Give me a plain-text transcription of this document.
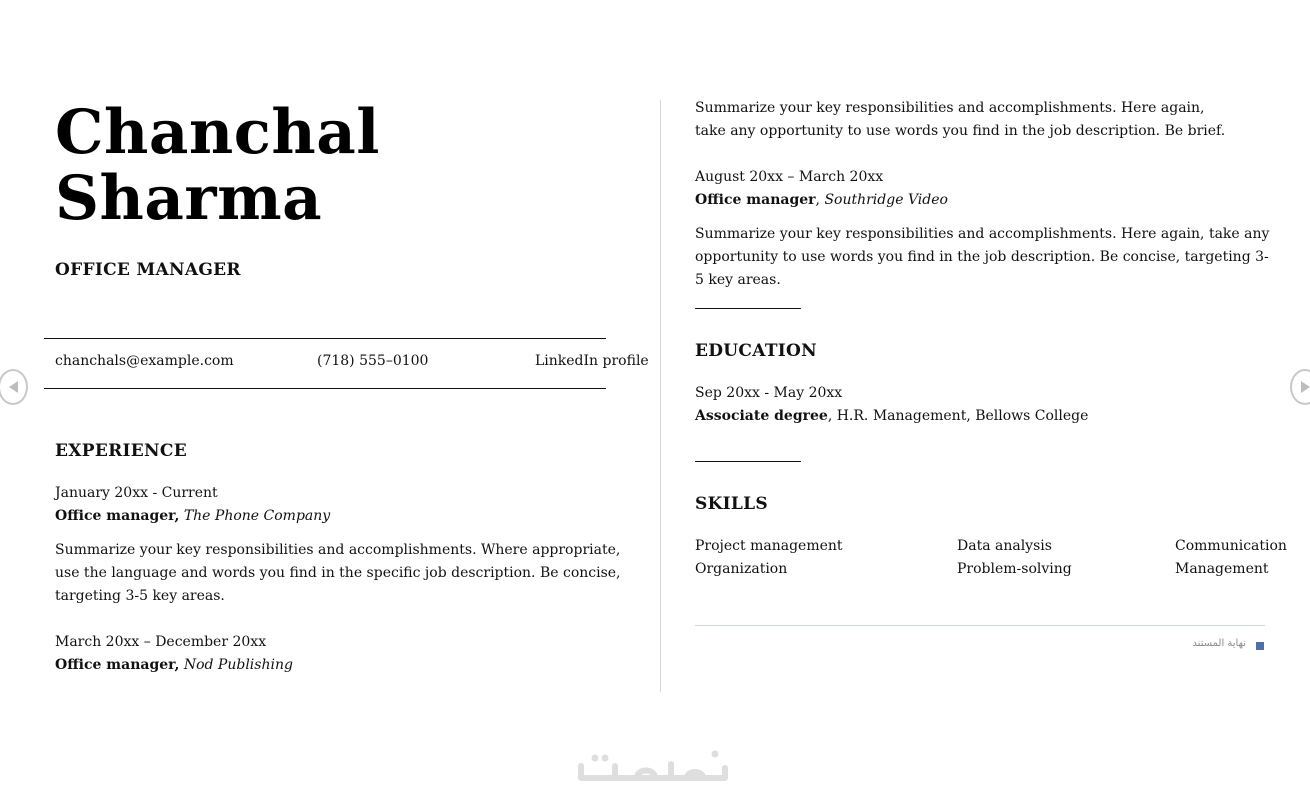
Chanchal
Sharma
OFFICE MANAGER
chanchals@example.com	(718) 555–0100	LinkedIn profile
EXPERIENCE
January 20xx - Current
Office manager, The Phone Company
Summarize your key responsibilities and accomplishments. Where appropriate, use the language and words you find in the specific job description. Be concise, targeting 3-5 key areas.
March 20xx – December 20xx
Office manager, Nod Publishing
Summarize your key responsibilities and accomplishments. Here again, take any opportunity to use words you find in the job description. Be brief.
August 20xx – March 20xx
Office manager, Southridge Video
Summarize your key responsibilities and accomplishments. Here again, take any opportunity to use words you find in the job description. Be concise, targeting 3-5 key areas.
EDUCATION
Sep 20xx - May 20xx
Associate degree, H.R. Management, Bellows College
SKILLS
Project management	Data analysis	Communication
Organization	Problem-solving	Management
نهاية المستند
